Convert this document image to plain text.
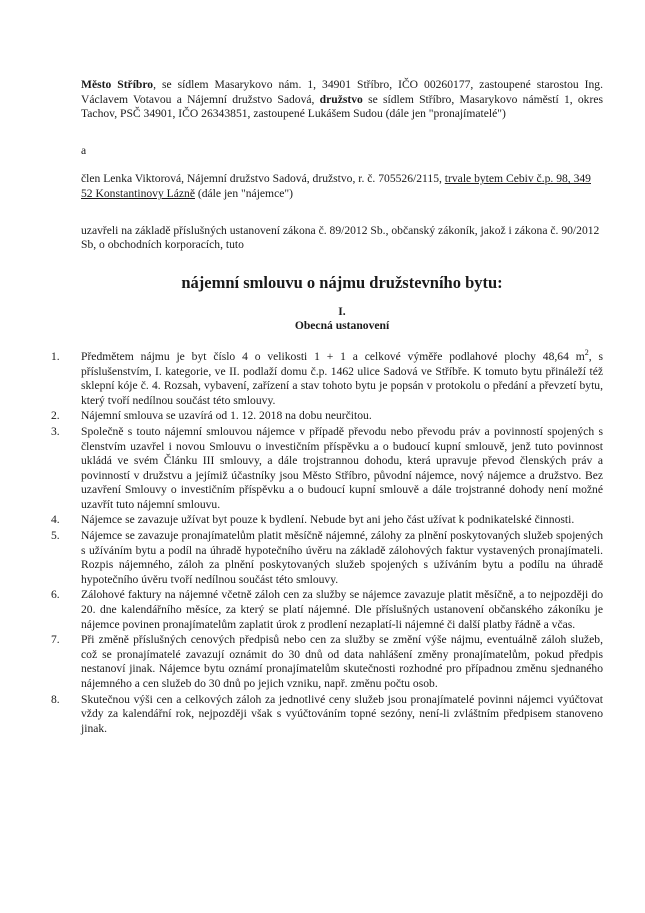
Město Stříbro, se sídlem Masarykovo nám. 1, 34901 Stříbro, IČO 00260177, zastoupené starostou Ing. Václavem Votavou a Nájemní družstvo Sadová, družstvo se sídlem Stříbro, Masarykovo náměstí 1, okres Tachov, PSČ 34901, IČO 26343851, zastoupené Lukášem Sudou (dále jen "pronajímatelé")

a

člen Lenka Viktorová, Nájemní družstvo Sadová, družstvo, r. č. 705526/2115, trvale bytem Cebiv č.p. 98, 349 52 Konstantinovy Lázně (dále jen "nájemce")

uzavřeli na základě příslušných ustanovení zákona č. 89/2012 Sb., občanský zákoník, jakož i zákona č. 90/2012 Sb, o obchodních korporacích, tuto

nájemní smlouvu o nájmu družstevního bytu:

I.

Obecná ustanovení

1.	Předmětem nájmu je byt číslo 4 o velikosti 1 + 1 a celkové výměře podlahové plochy 48,64 $m^2$, s příslušenstvím, I. kategorie, ve II. podlaží domu č.p. 1462 ulice Sadová ve Stříbře. K tomuto bytu přináleží též sklepní kóje č. 4. Rozsah, vybavení, zařízení a stav tohoto bytu je popsán v protokolu o předání a převzetí bytu, který tvoří nedílnou součást této smlouvy.
2.	Nájemní smlouva se uzavírá od 1. 12. 2018 na dobu neurčitou.
3.	Společně s touto nájemní smlouvou nájemce v případě převodu nebo převodu práv a povinností spojených s členstvím uzavřel i novou Smlouvu o investičním příspěvku a o budoucí kupní smlouvě, jenž tuto povinnost ukládá ve svém Článku III smlouvy, a dále trojstrannou dohodu, která upravuje převod členských práv a povinností v družstvu a jejímiž účastníky jsou Město Stříbro, původní nájemce, nový nájemce a družstvo. Bez uzavření Smlouvy o investičním příspěvku a o budoucí kupní smlouvě a dále trojstranné dohody není možné uzavřít tuto nájemní smlouvu.
4.	Nájemce se zavazuje užívat byt pouze k bydlení. Nebude byt ani jeho část užívat k podnikatelské činnosti.
5.	Nájemce se zavazuje pronajímatelům platit měsíčně nájemné, zálohy za plnění poskytovaných služeb spojených s užíváním bytu a podíl na úhradě hypotečního úvěru na základě zálohových faktur vystavených pronajímateli. Rozpis nájemného, záloh za plnění poskytovaných služeb spojených s užíváním bytu a podílu na úhradě hypotečního úvěru tvoří nedílnou součást této smlouvy.
6.	Zálohové faktury na nájemné včetně záloh cen za služby se nájemce zavazuje platit měsíčně, a to nejpozději do 20. dne kalendářního měsíce, za který se platí nájemné. Dle příslušných ustanovení občanského zákoníku je nájemce povinen pronajímatelům zaplatit úrok z prodlení nezaplatí-li nájemné či další platby řádně a včas.
7.	Při změně příslušných cenových předpisů nebo cen za služby se změní výše nájmu, eventuálně záloh služeb, což se pronajímatelé zavazují oznámit do 30 dnů od data nahlášení změny pronajímatelům, pokud předpis nestanoví jinak. Nájemce bytu oznámí pronajímatelům skutečnosti rozhodné pro případnou změnu sjednaného nájemného a cen služeb do 30 dnů po jejich vzniku, např. změnu počtu osob.
8.	Skutečnou výši cen a celkových záloh za jednotlivé ceny služeb jsou pronajímatelé povinni nájemci vyúčtovat vždy za kalendářní rok, nejpozději však s vyúčtováním topné sezóny, není-li zvláštním předpisem stanoveno jinak.
